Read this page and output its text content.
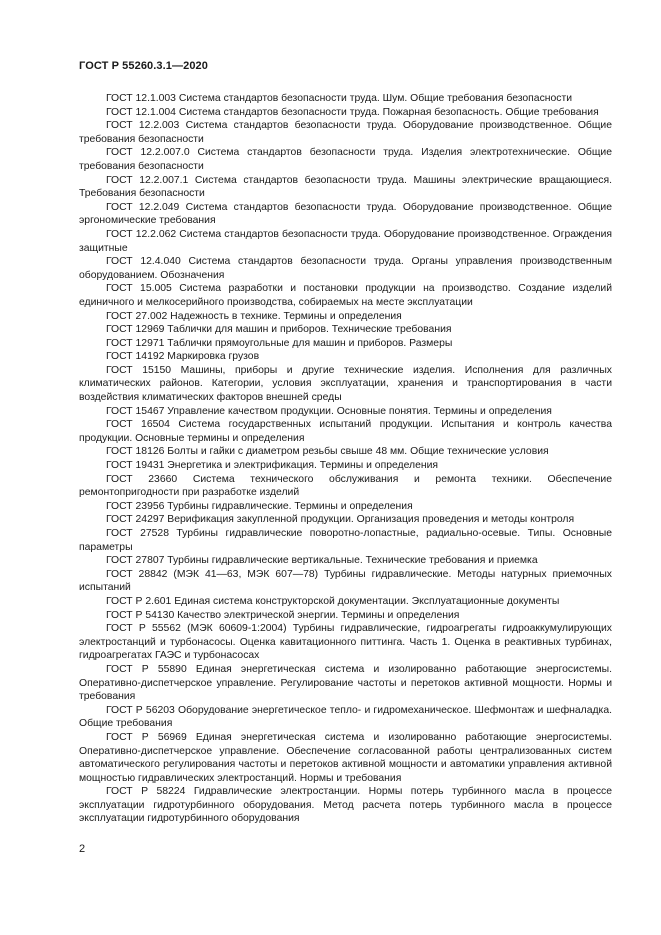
ГОСТ Р 55260.3.1—2020

ГОСТ 12.1.003 Система стандартов безопасности труда. Шум. Общие требования безопасности

ГОСТ 12.1.004 Система стандартов безопасности труда. Пожарная безопасность. Общие требования

ГОСТ 12.2.003 Система стандартов безопасности труда. Оборудование производственное. Общие требования безопасности

ГОСТ 12.2.007.0 Система стандартов безопасности труда. Изделия электротехнические. Общие требования безопасности

ГОСТ 12.2.007.1 Система стандартов безопасности труда. Машины электрические вращающиеся. Требования безопасности

ГОСТ 12.2.049 Система стандартов безопасности труда. Оборудование производственное. Общие эргономические требования

ГОСТ 12.2.062 Система стандартов безопасности труда. Оборудование производственное. Ограждения защитные

ГОСТ 12.4.040 Система стандартов безопасности труда. Органы управления производственным оборудованием. Обозначения

ГОСТ 15.005 Система разработки и постановки продукции на производство. Создание изделий единичного и мелкосерийного производства, собираемых на месте эксплуатации

ГОСТ 27.002 Надежность в технике. Термины и определения

ГОСТ 12969 Таблички для машин и приборов. Технические требования

ГОСТ 12971 Таблички прямоугольные для машин и приборов. Размеры

ГОСТ 14192 Маркировка грузов

ГОСТ 15150 Машины, приборы и другие технические изделия. Исполнения для различных климатических районов. Категории, условия эксплуатации, хранения и транспортирования в части воздействия климатических факторов внешней среды

ГОСТ 15467 Управление качеством продукции. Основные понятия. Термины и определения

ГОСТ 16504 Система государственных испытаний продукции. Испытания и контроль качества продукции. Основные термины и определения

ГОСТ 18126 Болты и гайки с диаметром резьбы свыше 48 мм. Общие технические условия

ГОСТ 19431 Энергетика и электрификация. Термины и определения

ГОСТ 23660 Система технического обслуживания и ремонта техники. Обеспечение ремонтопригодности при разработке изделий

ГОСТ 23956 Турбины гидравлические. Термины и определения

ГОСТ 24297 Верификация закупленной продукции. Организация проведения и методы контроля

ГОСТ 27528 Турбины гидравлические поворотно-лопастные, радиально-осевые. Типы. Основные параметры

ГОСТ 27807 Турбины гидравлические вертикальные. Технические требования и приемка

ГОСТ 28842 (МЭК 41—63, МЭК 607—78) Турбины гидравлические. Методы натурных приемочных испытаний

ГОСТ Р 2.601 Единая система конструкторской документации. Эксплуатационные документы

ГОСТ Р 54130 Качество электрической энергии. Термины и определения

ГОСТ Р 55562 (МЭК 60609-1:2004) Турбины гидравлические, гидроагрегаты гидроаккумулирующих электростанций и турбонасосы. Оценка кавитационного питтинга. Часть 1. Оценка в реактивных турбинах, гидроагрегатах ГАЭС и турбонасосах

ГОСТ Р 55890 Единая энергетическая система и изолированно работающие энергосистемы. Оперативно-диспетчерское управление. Регулирование частоты и перетоков активной мощности. Нормы и требования

ГОСТ Р 56203 Оборудование энергетическое тепло- и гидромеханическое. Шефмонтаж и шефналадка. Общие требования

ГОСТ Р 56969 Единая энергетическая система и изолированно работающие энергосистемы. Оперативно-диспетчерское управление. Обеспечение согласованной работы централизованных систем автоматического регулирования частоты и перетоков активной мощности и автоматики управления активной мощностью гидравлических электростанций. Нормы и требования

ГОСТ Р 58224 Гидравлические электростанции. Нормы потерь турбинного масла в процессе эксплуатации гидротурбинного оборудования. Метод расчета потерь турбинного масла в процессе эксплуатации гидротурбинного оборудования

2
